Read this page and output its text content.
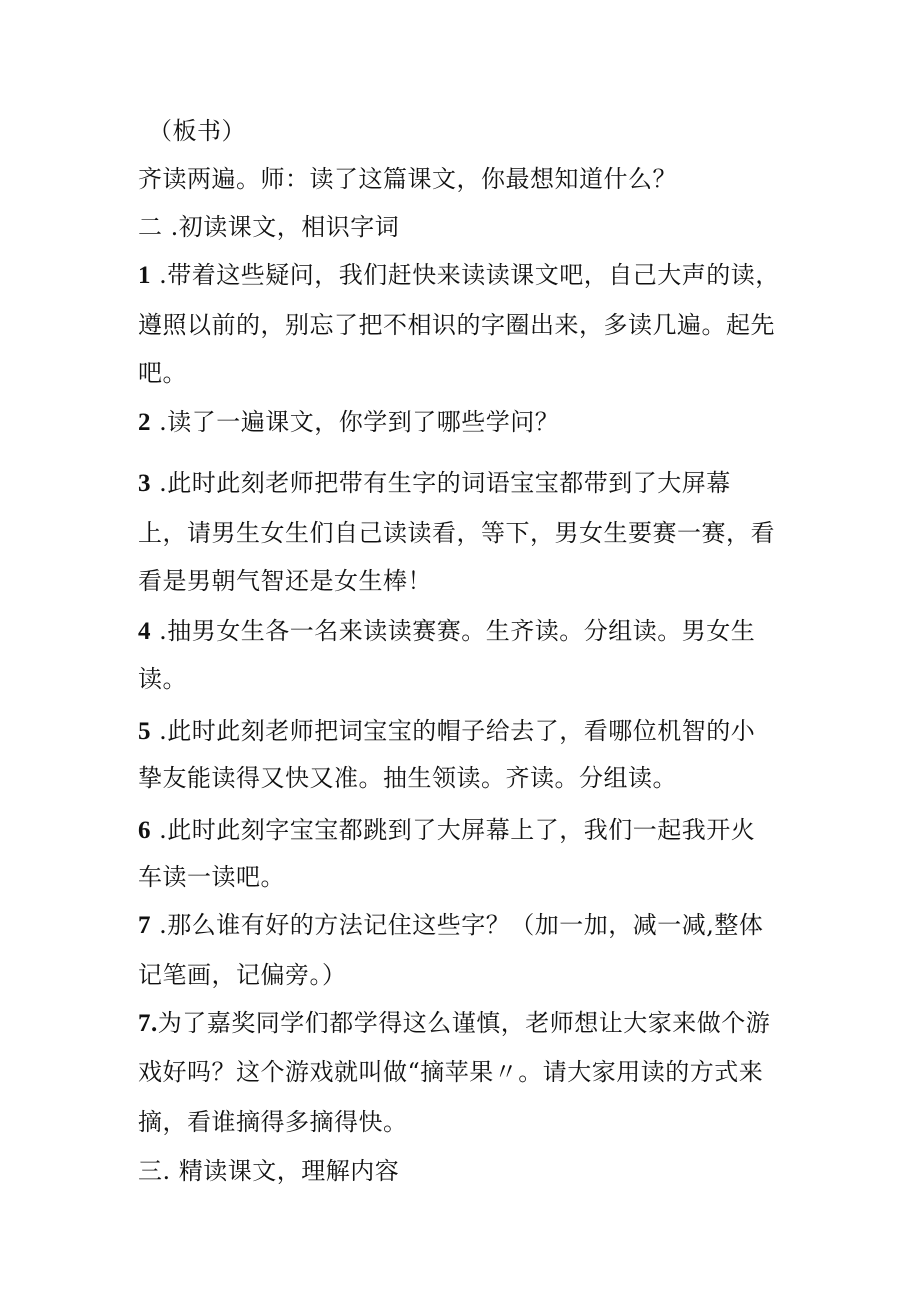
（板书）
齐读两遍。师：读了这篇课文，你最想知道什么？
二 .初读课文，相识字词
1 .带着这些疑问，我们赶快来读读课文吧，自己大声的读，
遵照以前的，别忘了把不相识的字圈出来，多读几遍。起先
吧。
2 .读了一遍课文，你学到了哪些学问？
3 .此时此刻老师把带有生字的词语宝宝都带到了大屏幕
上，请男生女生们自己读读看，等下，男女生要赛一赛，看
看是男朝气智还是女生棒！
4 .抽男女生各一名来读读赛赛。生齐读。分组读。男女生
读。
5 .此时此刻老师把词宝宝的帽子给去了，看哪位机智的小
挚友能读得又快又准。抽生领读。齐读。分组读。
6 .此时此刻字宝宝都跳到了大屏幕上了，我们一起我开火
车读一读吧。
7 .那么谁有好的方法记住这些字？（加一加，减一减,整体
记笔画，记偏旁。）
7.为了嘉奖同学们都学得这么谨慎，老师想让大家来做个游
戏好吗？这个游戏就叫做“摘苹果〃。请大家用读的方式来
摘，看谁摘得多摘得快。
三. 精读课文，理解内容
